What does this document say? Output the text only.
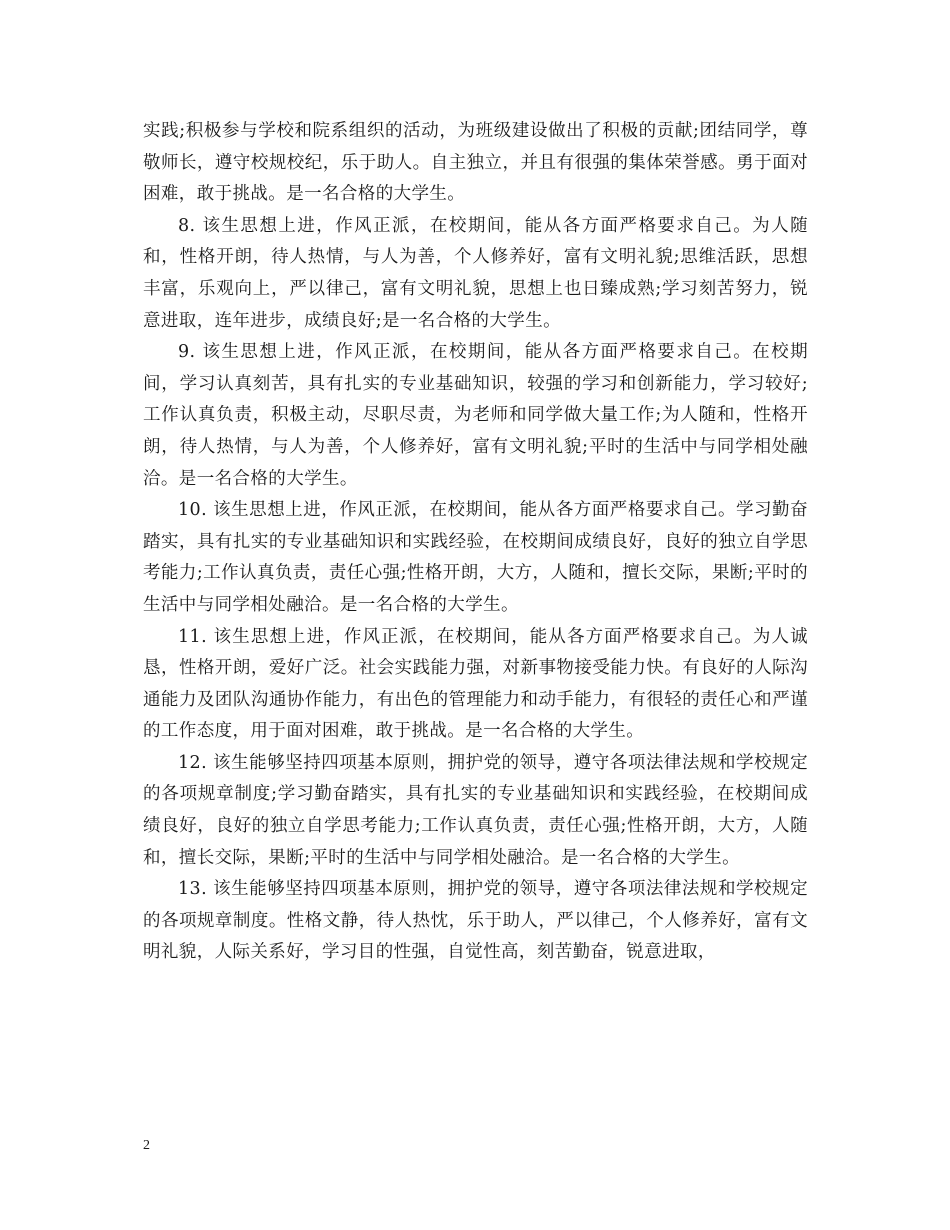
实践;积极参与学校和院系组织的活动，为班级建设做出了积极的贡献;团结同学，尊敬师长，遵守校规校纪，乐于助人。自主独立，并且有很强的集体荣誉感。勇于面对困难，敢于挑战。是一名合格的大学生。

8. 该生思想上进，作风正派，在校期间，能从各方面严格要求自己。为人随和，性格开朗，待人热情，与人为善，个人修养好，富有文明礼貌;思维活跃，思想丰富，乐观向上，严以律己，富有文明礼貌，思想上也日臻成熟;学习刻苦努力，锐意进取，连年进步，成绩良好;是一名合格的大学生。

9. 该生思想上进，作风正派，在校期间，能从各方面严格要求自己。在校期间，学习认真刻苦，具有扎实的专业基础知识，较强的学习和创新能力，学习较好;工作认真负责，积极主动，尽职尽责，为老师和同学做大量工作;为人随和，性格开朗，待人热情，与人为善，个人修养好，富有文明礼貌;平时的生活中与同学相处融洽。是一名合格的大学生。

10. 该生思想上进，作风正派，在校期间，能从各方面严格要求自己。学习勤奋踏实，具有扎实的专业基础知识和实践经验，在校期间成绩良好，良好的独立自学思考能力;工作认真负责，责任心强;性格开朗，大方，人随和，擅长交际，果断;平时的生活中与同学相处融洽。是一名合格的大学生。

11. 该生思想上进，作风正派，在校期间，能从各方面严格要求自己。为人诚恳，性格开朗，爱好广泛。社会实践能力强，对新事物接受能力快。有良好的人际沟通能力及团队沟通协作能力，有出色的管理能力和动手能力，有很轻的责任心和严谨的工作态度，用于面对困难，敢于挑战。是一名合格的大学生。

12. 该生能够坚持四项基本原则，拥护党的领导，遵守各项法律法规和学校规定的各项规章制度;学习勤奋踏实，具有扎实的专业基础知识和实践经验，在校期间成绩良好，良好的独立自学思考能力;工作认真负责，责任心强;性格开朗，大方，人随和，擅长交际，果断;平时的生活中与同学相处融洽。是一名合格的大学生。

13. 该生能够坚持四项基本原则，拥护党的领导，遵守各项法律法规和学校规定的各项规章制度。性格文静，待人热忱，乐于助人，严以律己，个人修养好，富有文明礼貌，人际关系好，学习目的性强，自觉性高，刻苦勤奋，锐意进取，

2
